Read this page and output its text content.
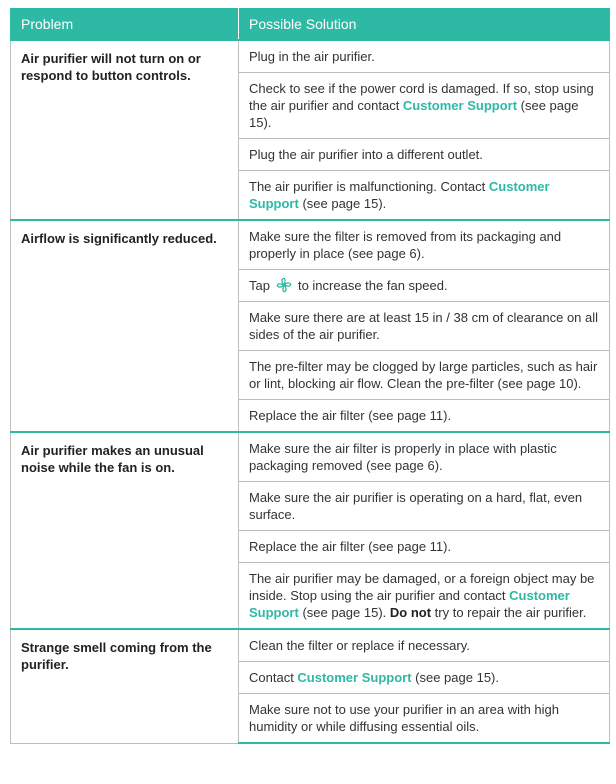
Problem	Possible Solution
Air purifier will not turn on or respond to button controls.	Plug in the air purifier.
	Check to see if the power cord is damaged. If so, stop using the air purifier and contact Customer Support (see page 15).
	Plug the air purifier into a different outlet.
	The air purifier is malfunctioning. Contact Customer Support (see page 15).
Airflow is significantly reduced.	Make sure the filter is removed from its packaging and properly in place (see page 6).
	Tap to increase the fan speed.
	Make sure there are at least 15 in / 38 cm of clearance on all sides of the air purifier.
	The pre-filter may be clogged by large particles, such as hair or lint, blocking air flow. Clean the pre-filter (see page 10).
	Replace the air filter (see page 11).
Air purifier makes an unusual noise while the fan is on.	Make sure the air filter is properly in place with plastic packaging removed (see page 6).
	Make sure the air purifier is operating on a hard, flat, even surface.
	Replace the air filter (see page 11).
	The air purifier may be damaged, or a foreign object may be inside. Stop using the air purifier and contact Customer Support (see page 15). Do not try to repair the air purifier.
Strange smell coming from the purifier.	Clean the filter or replace if necessary.
	Contact Customer Support (see page 15).
	Make sure not to use your purifier in an area with high humidity or while diffusing essential oils.
